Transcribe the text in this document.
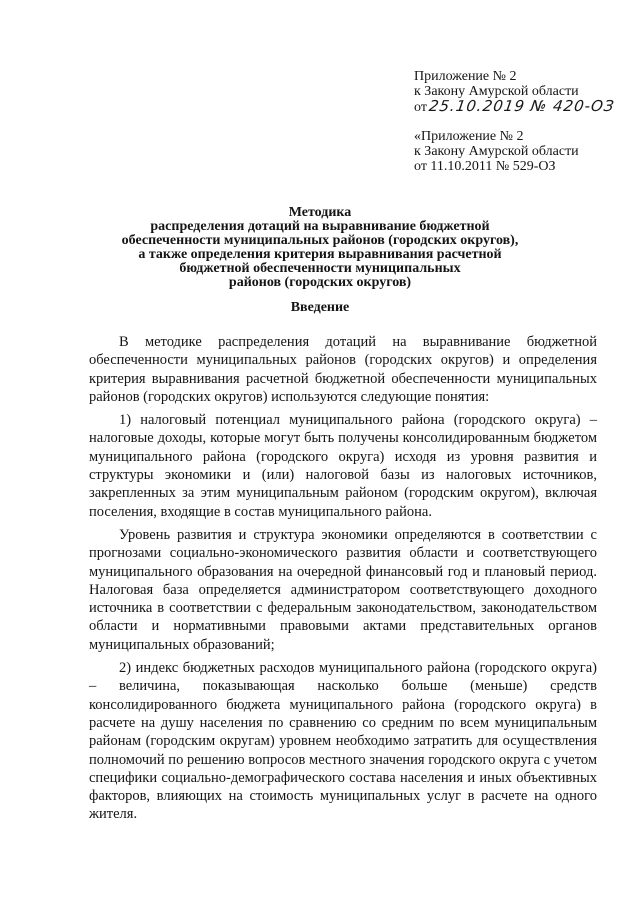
Приложение № 2
к Закону Амурской области
от25.10.2019 № 420-ОЗ
«Приложение № 2
к Закону Амурской области
от 11.10.2011 № 529-ОЗ
Методика
распределения дотаций на выравнивание бюджетной
обеспеченности муниципальных районов (городских округов),
а также определения критерия выравнивания расчетной
бюджетной обеспеченности муниципальных
районов (городских округов)
Введение

В методике распределения дотаций на выравнивание бюджетной обеспеченности муниципальных районов (городских округов) и определения критерия выравнивания расчетной бюджетной обеспеченности муниципальных районов (городских округов) используются следующие понятия:

1) налоговый потенциал муниципального района (городского округа) – налоговые доходы, которые могут быть получены консолидированным бюджетом муниципального района (городского округа) исходя из уровня развития и структуры экономики и (или) налоговой базы из налоговых источников, закрепленных за этим муниципальным районом (городским округом), включая поселения, входящие в состав муниципального района.

Уровень развития и структура экономики определяются в соответствии с прогнозами социально-экономического развития области и соответствующего муниципального образования на очередной финансовый год и плановый период. Налоговая база определяется администратором соответствующего доходного источника в соответствии с федеральным законодательством, законодательством области и нормативными правовыми актами представительных органов муниципальных образований;

2) индекс бюджетных расходов муниципального района (городского округа) – величина, показывающая насколько больше (меньше) средств консолидированного бюджета муниципального района (городского округа) в расчете на душу населения по сравнению со средним по всем муниципальным районам (городским округам) уровнем необходимо затратить для осуществления полномочий по решению вопросов местного значения городского округа с учетом специфики социально-демографического состава населения и иных объективных факторов, влияющих на стоимость муниципальных услуг в расчете на одного жителя.
